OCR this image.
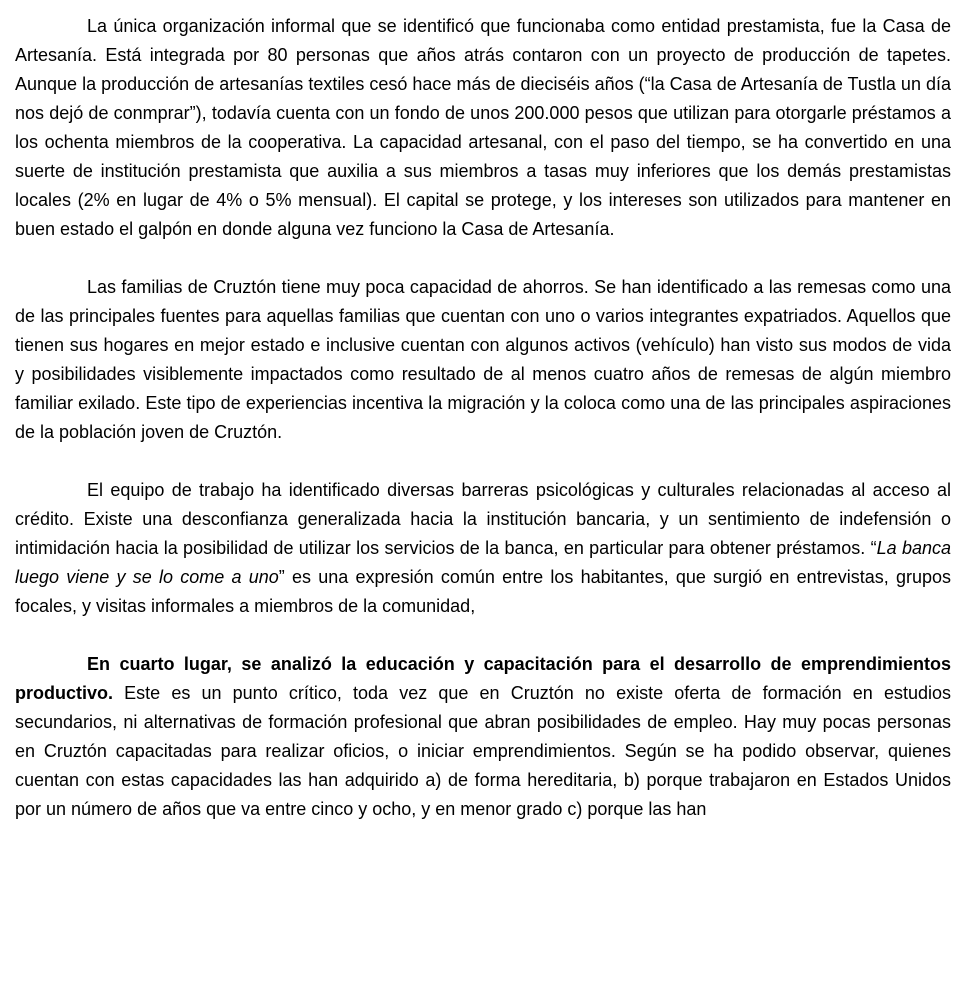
La única organización informal que se identificó que funcionaba como entidad prestamista, fue la Casa de Artesanía. Está integrada por 80 personas que años atrás contaron con un proyecto de producción de tapetes. Aunque la producción de artesanías textiles cesó hace más de dieciséis años (“la Casa de Artesanía de Tustla un día nos dejó de conmprar”), todavía cuenta con un fondo de unos 200.000 pesos que utilizan para otorgarle préstamos a los ochenta miembros de la cooperativa. La capacidad artesanal, con el paso del tiempo, se ha convertido en una suerte de institución prestamista que auxilia a sus miembros a tasas muy inferiores que los demás prestamistas locales (2% en lugar de 4% o 5% mensual). El capital se protege, y los intereses son utilizados para mantener en buen estado el galpón en donde alguna vez funciono la Casa de Artesanía.

Las familias de Cruztón tiene muy poca capacidad de ahorros. Se han identificado a las remesas como una de las principales fuentes para aquellas familias que cuentan con uno o varios integrantes expatriados. Aquellos que tienen sus hogares en mejor estado e inclusive cuentan con algunos activos (vehículo) han visto sus modos de vida y posibilidades visiblemente impactados como resultado de al menos cuatro años de remesas de algún miembro familiar exilado. Este tipo de experiencias incentiva la migración y la coloca como una de las principales aspiraciones de la población joven de Cruztón.

El equipo de trabajo ha identificado diversas barreras psicológicas y culturales relacionadas al acceso al crédito. Existe una desconfianza generalizada hacia la institución bancaria, y un sentimiento de indefensión o intimidación hacia la posibilidad de utilizar los servicios de la banca, en particular para obtener préstamos. “La banca luego viene y se lo come a uno” es una expresión común entre los habitantes, que surgió en entrevistas, grupos focales, y visitas informales a miembros de la comunidad,

En cuarto lugar, se analizó la educación y capacitación para el desarrollo de emprendimientos productivo. Este es un punto crítico, toda vez que en Cruztón no existe oferta de formación en estudios secundarios, ni alternativas de formación profesional que abran posibilidades de empleo. Hay muy pocas personas en Cruztón capacitadas para realizar oficios, o iniciar emprendimientos. Según se ha podido observar, quienes cuentan con estas capacidades las han adquirido a) de forma hereditaria, b) porque trabajaron en Estados Unidos por un número de años que va entre cinco y ocho, y en menor grado c) porque las han
